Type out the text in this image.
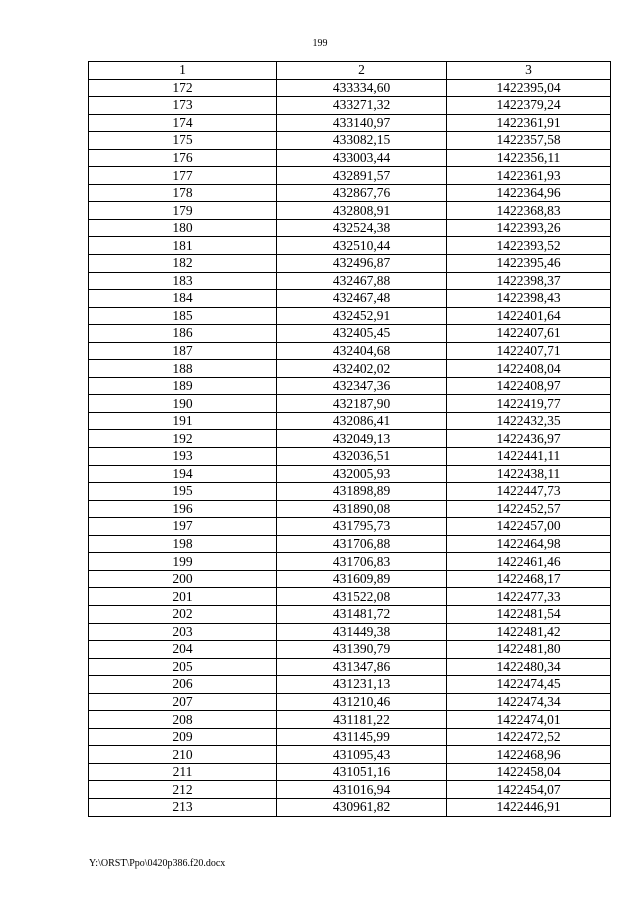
199
1	2	3
172	433334,60	1422395,04
173	433271,32	1422379,24
174	433140,97	1422361,91
175	433082,15	1422357,58
176	433003,44	1422356,11
177	432891,57	1422361,93
178	432867,76	1422364,96
179	432808,91	1422368,83
180	432524,38	1422393,26
181	432510,44	1422393,52
182	432496,87	1422395,46
183	432467,88	1422398,37
184	432467,48	1422398,43
185	432452,91	1422401,64
186	432405,45	1422407,61
187	432404,68	1422407,71
188	432402,02	1422408,04
189	432347,36	1422408,97
190	432187,90	1422419,77
191	432086,41	1422432,35
192	432049,13	1422436,97
193	432036,51	1422441,11
194	432005,93	1422438,11
195	431898,89	1422447,73
196	431890,08	1422452,57
197	431795,73	1422457,00
198	431706,88	1422464,98
199	431706,83	1422461,46
200	431609,89	1422468,17
201	431522,08	1422477,33
202	431481,72	1422481,54
203	431449,38	1422481,42
204	431390,79	1422481,80
205	431347,86	1422480,34
206	431231,13	1422474,45
207	431210,46	1422474,34
208	431181,22	1422474,01
209	431145,99	1422472,52
210	431095,43	1422468,96
211	431051,16	1422458,04
212	431016,94	1422454,07
213	430961,82	1422446,91
Y:\ORST\Ppo\0420p386.f20.docx
